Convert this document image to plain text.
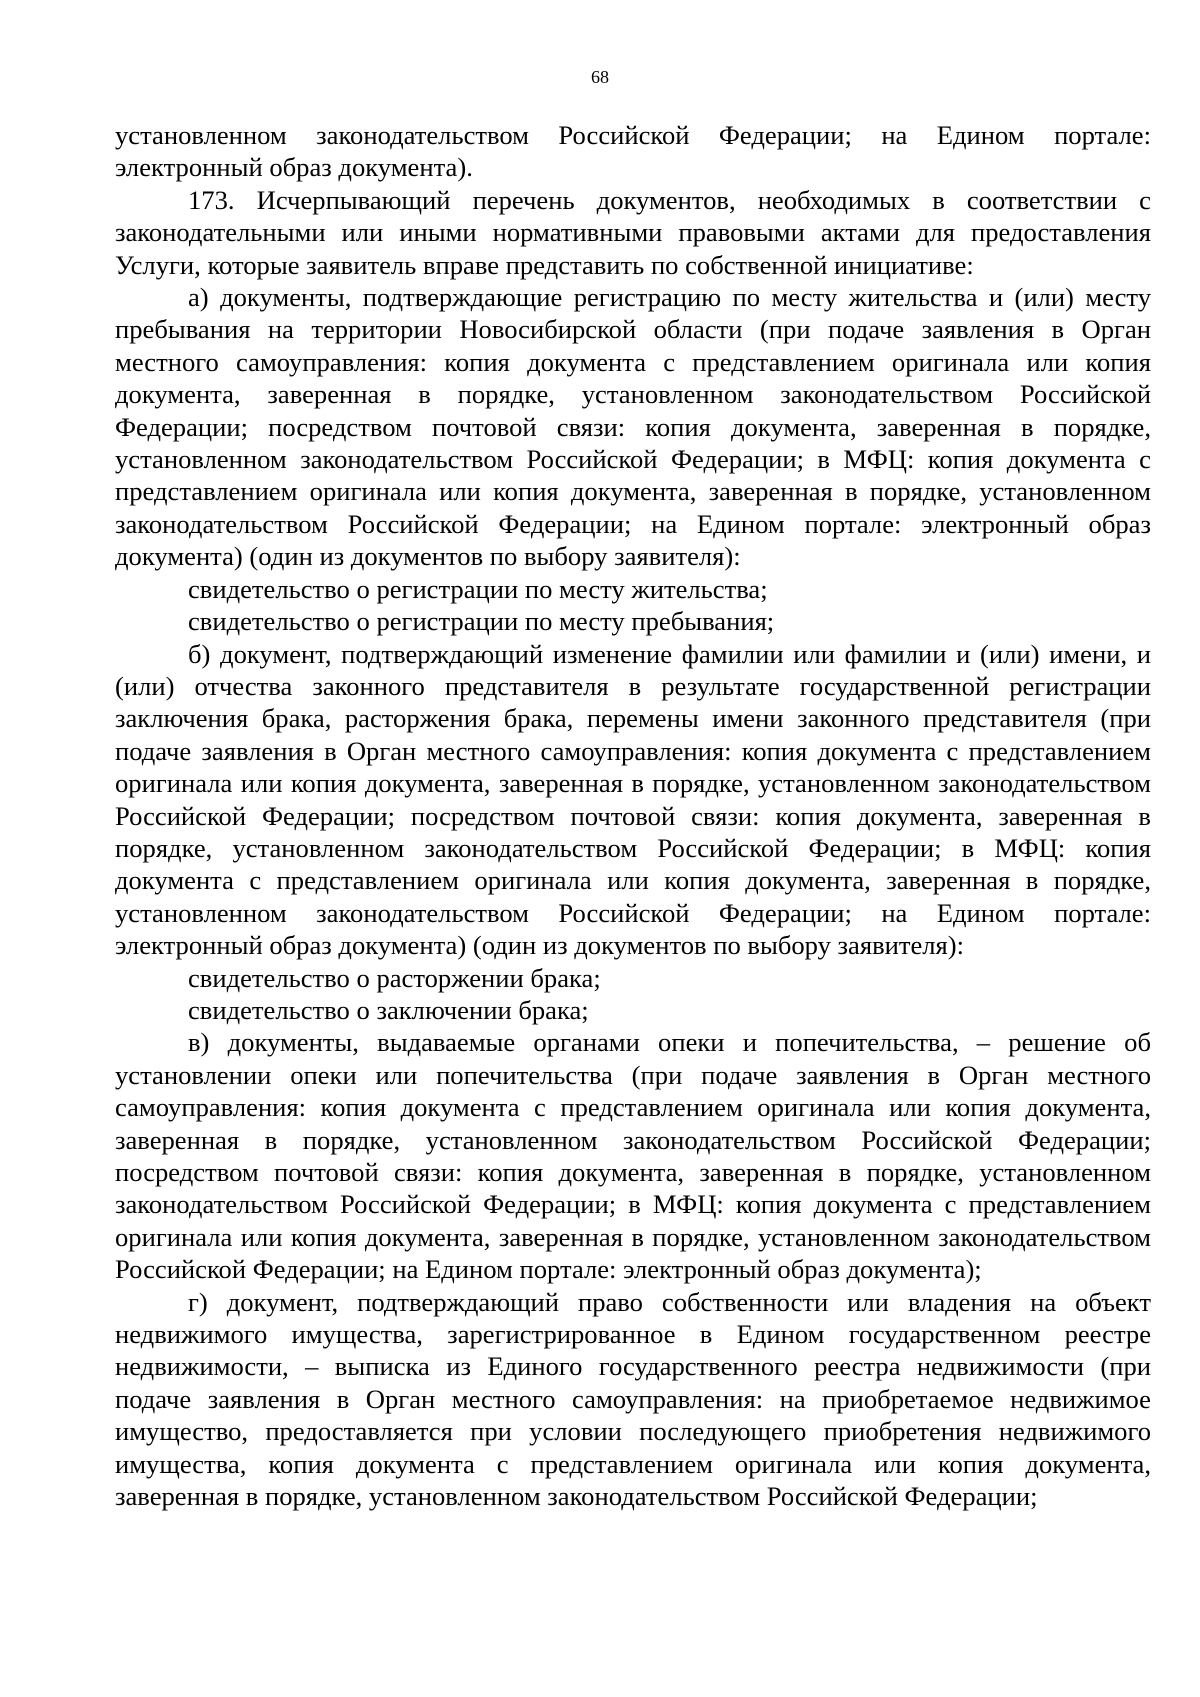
68

установленном законодательством Российской Федерации; на Едином портале: электронный образ документа).

173. Исчерпывающий перечень документов, необходимых в соответствии с законодательными или иными нормативными правовыми актами для предоставления Услуги, которые заявитель вправе представить по собственной инициативе:

а) документы, подтверждающие регистрацию по месту жительства и (или) месту пребывания на территории Новосибирской области (при подаче заявления в Орган местного самоуправления: копия документа с представлением оригинала или копия документа, заверенная в порядке, установленном законодательством Российской Федерации; посредством почтовой связи: копия документа, заверенная в порядке, установленном законодательством Российской Федерации; в МФЦ: копия документа с представлением оригинала или копия документа, заверенная в порядке, установленном законодательством Российской Федерации; на Едином портале: электронный образ документа) (один из документов по выбору заявителя):

свидетельство о регистрации по месту жительства;

свидетельство о регистрации по месту пребывания;

б) документ, подтверждающий изменение фамилии или фамилии и (или) имени, и (или) отчества законного представителя в результате государственной регистрации заключения брака, расторжения брака, перемены имени законного представителя (при подаче заявления в Орган местного самоуправления: копия документа с представлением оригинала или копия документа, заверенная в порядке, установленном законодательством Российской Федерации; посредством почтовой связи: копия документа, заверенная в порядке, установленном законодательством Российской Федерации; в МФЦ: копия документа с представлением оригинала или копия документа, заверенная в порядке, установленном законодательством Российской Федерации; на Едином портале: электронный образ документа) (один из документов по выбору заявителя):

свидетельство о расторжении брака;

свидетельство о заключении брака;

в) документы, выдаваемые органами опеки и попечительства, – решение об установлении опеки или попечительства (при подаче заявления в Орган местного самоуправления: копия документа с представлением оригинала или копия документа, заверенная в порядке, установленном законодательством Российской Федерации; посредством почтовой связи: копия документа, заверенная в порядке, установленном законодательством Российской Федерации; в МФЦ: копия документа с представлением оригинала или копия документа, заверенная в порядке, установленном законодательством Российской Федерации; на Едином портале: электронный образ документа);

г) документ, подтверждающий право собственности или владения на объект недвижимого имущества, зарегистрированное в Едином государственном реестре недвижимости, – выписка из Единого государственного реестра недвижимости (при подаче заявления в Орган местного самоуправления: на приобретаемое недвижимое имущество, предоставляется при условии последующего приобретения недвижимого имущества, копия документа с представлением оригинала или копия документа, заверенная в порядке, установленном законодательством Российской Федерации;
